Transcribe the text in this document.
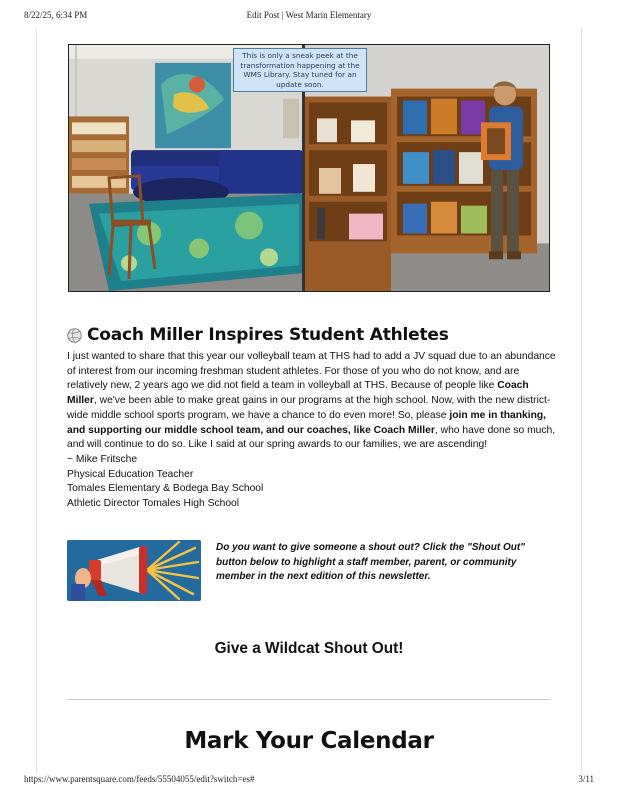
8/22/25, 6:34 PM	Edit Post | West Marin Elementary
This is only a sneak peek at the transformation happening at the WMS Library. Stay tuned for an update soon.
Coach Miller Inspires Student Athletes
I just wanted to share that this year our volleyball team at THS had to add a JV squad due to an abundance of interest from our incoming freshman student athletes. For those of you who do not know, and are relatively new, 2 years ago we did not field a team in volleyball at THS. Because of people like Coach Miller, we've been able to make great gains in our programs at the high school. Now, with the new district-wide middle school sports program, we have a chance to do even more! So, please join me in thanking, and supporting our middle school team, and our coaches, like Coach Miller, who have done so much, and will continue to do so. Like I said at our spring awards to our families, we are ascending!
~ Mike Fritsche
Physical Education Teacher
Tomales Elementary & Bodega Bay School
Athletic Director Tomales High School
Do you want to give someone a shout out? Click the "Shout Out" button below to highlight a staff member, parent, or community member in the next edition of this newsletter.
Give a Wildcat Shout Out!
Mark Your Calendar
https://www.parentsquare.com/feeds/55504055/edit?switch=es#	3/11
